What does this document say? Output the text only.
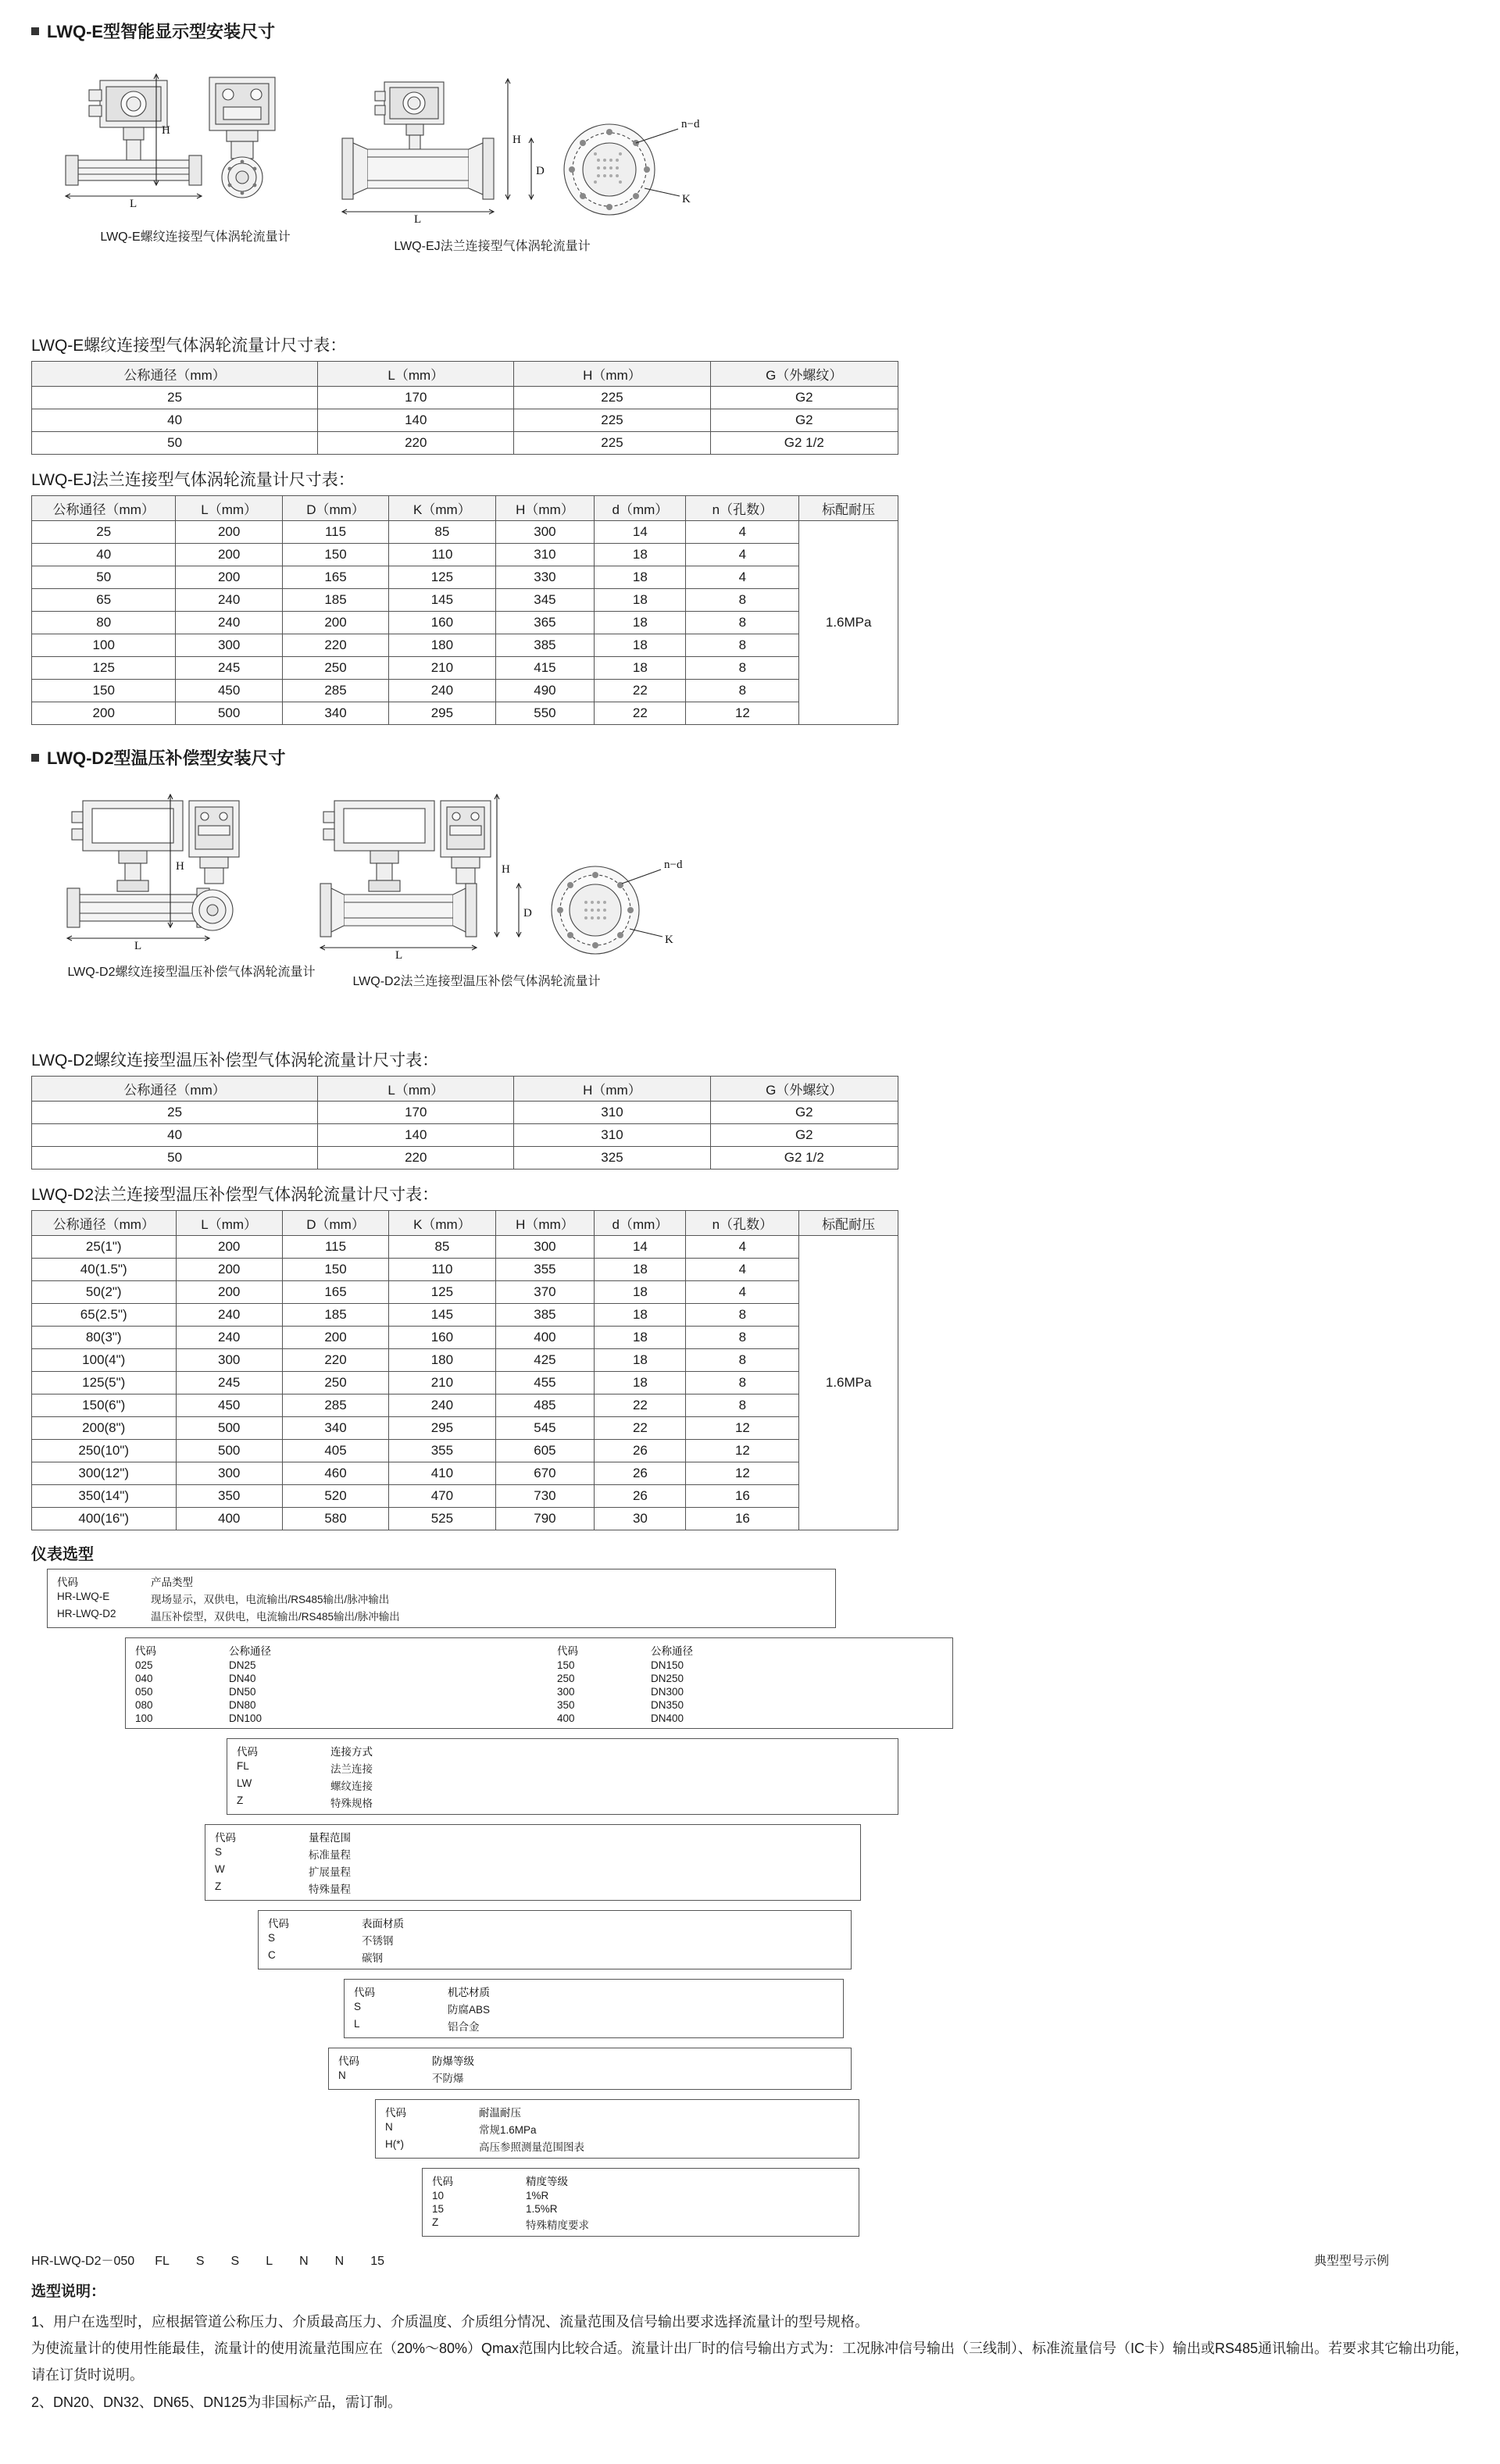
LWQ-E型智能显示型安装尺寸
H
L
H
D
L
n−d
K
LWQ-E螺纹连接型气体涡轮流量计
LWQ-EJ法兰连接型气体涡轮流量计
LWQ-E螺纹连接型气体涡轮流量计尺寸表：
公称通径（mm）	L（mm）	H（mm）	G（外螺纹）
25	170	225	G2
40	140	225	G2
50	220	225	G2 1/2
LWQ-EJ法兰连接型气体涡轮流量计尺寸表：
公称通径（mm）	L（mm）	D（mm）	K（mm）	H（mm）	d（mm）	n（孔数）	标配耐压
25	200	115	85	300	14	4	1.6MPa
40	200	150	110	310	18	4	
50	200	165	125	330	18	4	
65	240	185	145	345	18	8	
80	240	200	160	365	18	8	
100	300	220	180	385	18	8	
125	245	250	210	415	18	8	
150	450	285	240	490	22	8	
200	500	340	295	550	22	12	
LWQ-D2型温压补偿型安装尺寸
H
L
H
D
L
n−d
K
LWQ-D2螺纹连接型温压补偿气体涡轮流量计
LWQ-D2法兰连接型温压补偿气体涡轮流量计
LWQ-D2螺纹连接型温压补偿型气体涡轮流量计尺寸表：
公称通径（mm）	L（mm）	H（mm）	G（外螺纹）
25	170	310	G2
40	140	310	G2
50	220	325	G2 1/2
LWQ-D2法兰连接型温压补偿型气体涡轮流量计尺寸表：
公称通径（mm）	L（mm）	D（mm）	K（mm）	H（mm）	d（mm）	n（孔数）	标配耐压
25(1")	200	115	85	300	14	4	1.6MPa
40(1.5")	200	150	110	355	18	4	
50(2")	200	165	125	370	18	4	
65(2.5")	240	185	145	385	18	8	
80(3")	240	200	160	400	18	8	
100(4")	300	220	180	425	18	8	
125(5")	245	250	210	455	18	8	
150(6")	450	285	240	485	22	8	
200(8")	500	340	295	545	22	12	
250(10")	500	405	355	605	26	12	
300(12")	300	460	410	670	26	12	
350(14")	350	520	470	730	26	16	
400(16")	400	580	525	790	30	16	
仪表选型
代码	产品类型
HR-LWQ-E	现场显示，双供电，电流输出/RS485输出/脉冲输出
HR-LWQ-D2	温压补偿型，双供电，电流输出/RS485输出/脉冲输出
代码	公称通径	代码	公称通径
025	DN25	150	DN150
040	DN40	250	DN250
050	DN50	300	DN300
080	DN80	350	DN350
100	DN100	400	DN400
代码	连接方式
FL	法兰连接
LW	螺纹连接
Z	特殊规格
代码	量程范围
S	标准量程
W	扩展量程
Z	特殊量程
代码	表面材质
S	不锈钢
C	碳钢
代码	机芯材质
S	防腐ABS
L	铝合金
代码	防爆等级
N	不防爆
代码	耐温耐压
N	常规1.6MPa
H(*)	高压参照测量范围图表
代码	精度等级
10	1%R
15	1.5%R
Z	特殊精度要求
HR-LWQ-D2－050 FL S S L N N 15	典型型号示例
选型说明：
1、用户在选型时，应根据管道公称压力、介质最高压力、介质温度、介质组分情况、流量范围及信号输出要求选择流量计的型号规格。
为使流量计的使用性能最佳，流量计的使用流量范围应在（20%～80%）Qmax范围内比较合适。流量计出厂时的信号输出方式为：工况脉冲信号输出（三线制）、标准流量信号（IC卡）输出或RS485通讯输出。若要求其它输出功能，请在订货时说明。
2、DN20、DN32、DN65、DN125为非国标产品，需订制。
